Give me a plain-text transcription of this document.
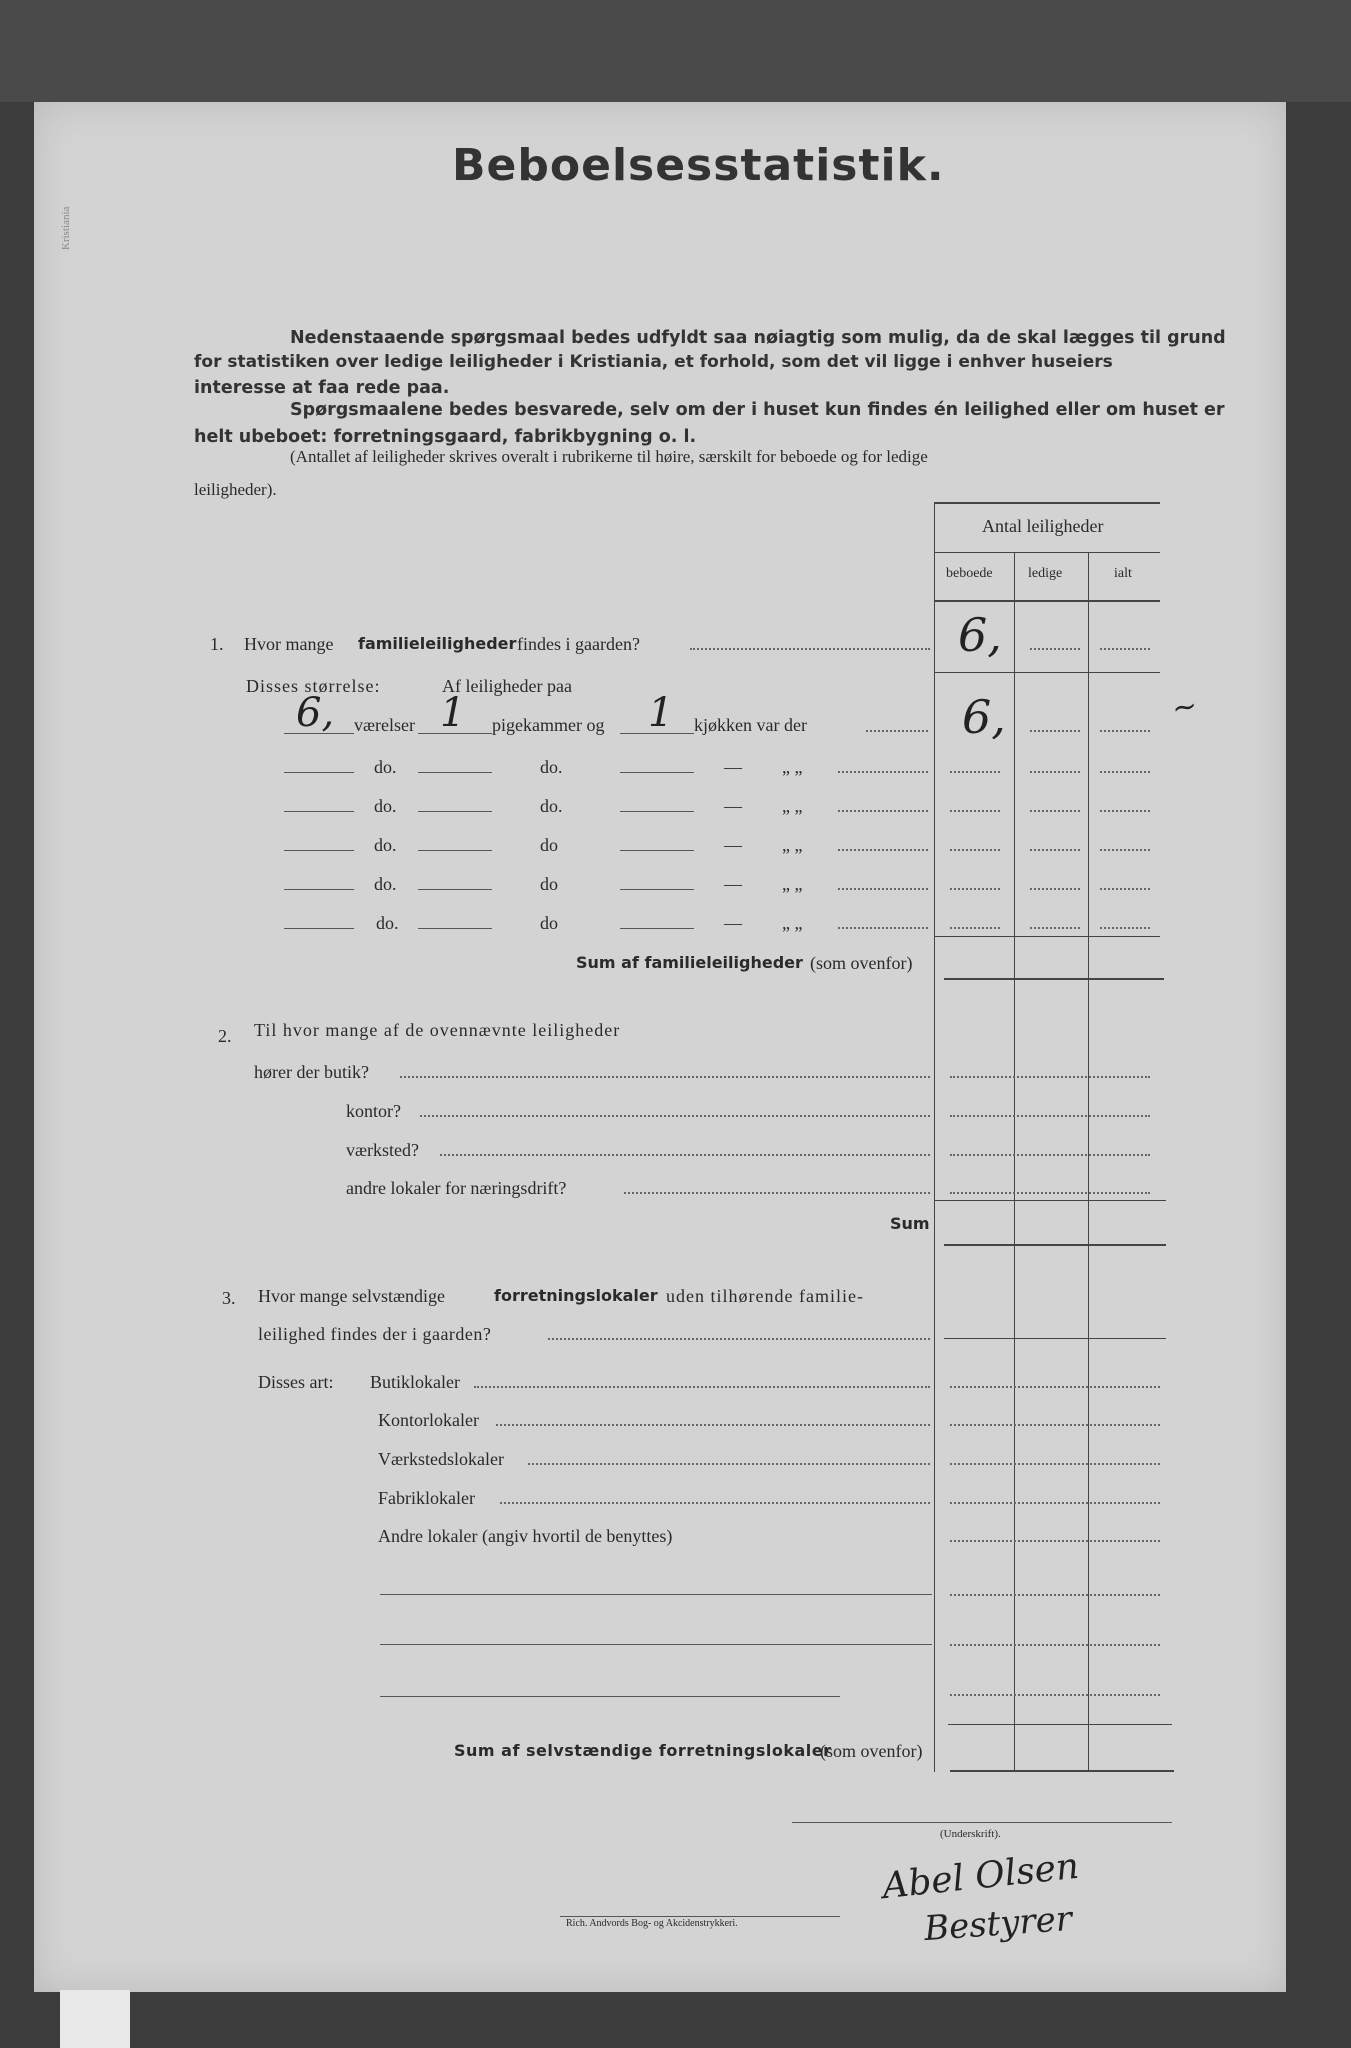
Kristiania
Beboelsesstatistik.
Nedenstaaende spørgsmaal bedes udfyldt saa nøiagtig som mulig, da de skal lægges til grund
for statistiken over ledige leiligheder i Kristiania, et forhold, som det vil ligge i enhver huseiers
interesse at faa rede paa.
Spørgsmaalene bedes besvarede, selv om der i huset kun findes én leilighed eller om huset er
helt ubeboet: forretningsgaard, fabrikbygning o. l.
(Antallet af leiligheder skrives overalt i rubrikerne til høire, særskilt for beboede og for ledige
leiligheder).
Antal leiligheder
beboede	ledige	ialt
1. Hvor mange familieleiligheder findes i gaarden?	6,
Disses størrelse:	Af leiligheder paa
6, værelser 1 pigekammer og 1 kjøkken var der	6,	~
do.	do.	— „ „
do.	do.	— „ „
do.	do	— „ „
do.	do	— „ „
do.	do	— „ „
Sum af familieleiligheder (som ovenfor)
2. Til hvor mange af de ovennævnte leiligheder
hører der butik?
kontor?
værksted?
andre lokaler for næringsdrift?
Sum
3. Hvor mange selvstændige	forretningslokaler uden tilhørende familie-
leilighed findes der i gaarden?
Disses art: Butiklokaler
Kontorlokaler
Værkstedslokaler
Fabriklokaler
Andre lokaler (angiv hvortil de benyttes)
Sum af selvstændige forretningslokaler
(som ovenfor)
(Underskrift).
Abel Olsen
Bestyrer
Rich. Andvords Bog- og Akcidenstrykkeri.
